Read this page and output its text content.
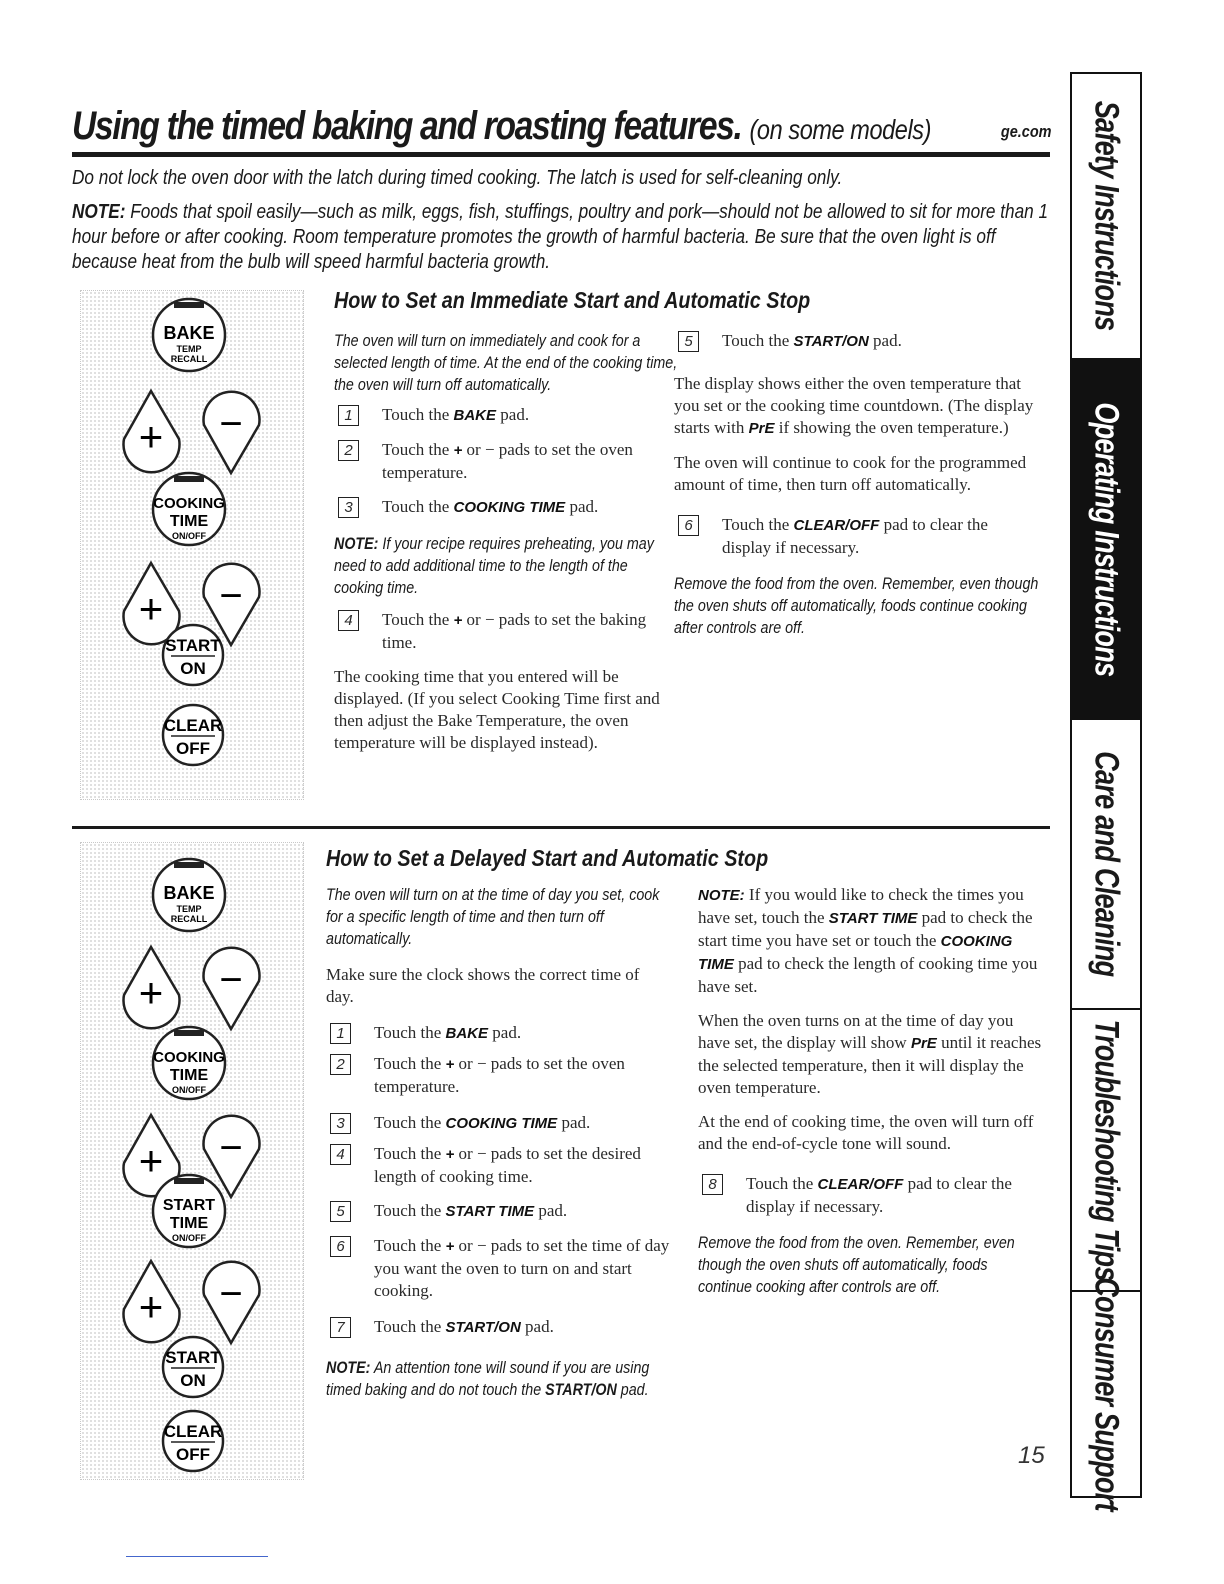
Using the timed baking and roasting features. (on some models)	ge.com
Do not lock the oven door with the latch during timed cooking. The latch is used for self-cleaning only.
NOTE: Foods that spoil easily—such as milk, eggs, fish, stuffings, poultry and pork—should not be allowed to sit for more than 1 hour before or after cooking. Room temperature promotes the growth of harmful bacteria. Be sure that the oven light is off because heat from the bulb will speed harmful bacteria growth.
How to Set an Immediate Start and Automatic Stop
BAKE
TEMP
RECALL
+ −
COOKING
TIME
ON/OFF
+ −
START
ON
CLEAR
OFF
The oven will turn on immediately and cook for a selected length of time. At the end of the cooking time, the oven will turn off automatically.
1	Touch the BAKE pad.
2	Touch the + or − pads to set the oven temperature.
3	Touch the COOKING TIME pad.
NOTE: If your recipe requires preheating, you may need to add additional time to the length of the cooking time.
4	Touch the + or − pads to set the baking time.
The cooking time that you entered will be displayed. (If you select Cooking Time first and then adjust the Bake Temperature, the oven temperature will be displayed instead).
5	Touch the START/ON pad.
The display shows either the oven temperature that you set or the cooking time countdown. (The display starts with PrE if showing the oven temperature.)
The oven will continue to cook for the programmed amount of time, then turn off automatically.
6	Touch the CLEAR/OFF pad to clear the display if necessary.
Remove the food from the oven. Remember, even though the oven shuts off automatically, foods continue cooking after controls are off.
How to Set a Delayed Start and Automatic Stop
BAKE
TEMP
RECALL
+ −
COOKING
TIME
ON/OFF
+ −
START
TIME
ON/OFF
+ −
START
ON
CLEAR
OFF
The oven will turn on at the time of day you set, cook for a specific length of time and then turn off automatically.
Make sure the clock shows the correct time of day.
1	Touch the BAKE pad.
2	Touch the + or − pads to set the oven temperature.
3	Touch the COOKING TIME pad.
4	Touch the + or − pads to set the desired length of cooking time.
5	Touch the START TIME pad.
6	Touch the + or − pads to set the time of day you want the oven to turn on and start cooking.
7	Touch the START/ON pad.
NOTE: An attention tone will sound if you are using timed baking and do not touch the START/ON pad.
NOTE: If you would like to check the times you have set, touch the START TIME pad to check the start time you have set or touch the COOKING TIME pad to check the length of cooking time you have set.
When the oven turns on at the time of day you have set, the display will show PrE until it reaches the selected temperature, then it will display the oven temperature.
At the end of cooking time, the oven will turn off and the end-of-cycle tone will sound.
8	Touch the CLEAR/OFF pad to clear the display if necessary.
Remove the food from the oven. Remember, even though the oven shuts off automatically, foods continue cooking after controls are off.
15
Safety Instructions
Operating Instructions
Care and Cleaning
Troubleshooting Tips
Consumer Support
